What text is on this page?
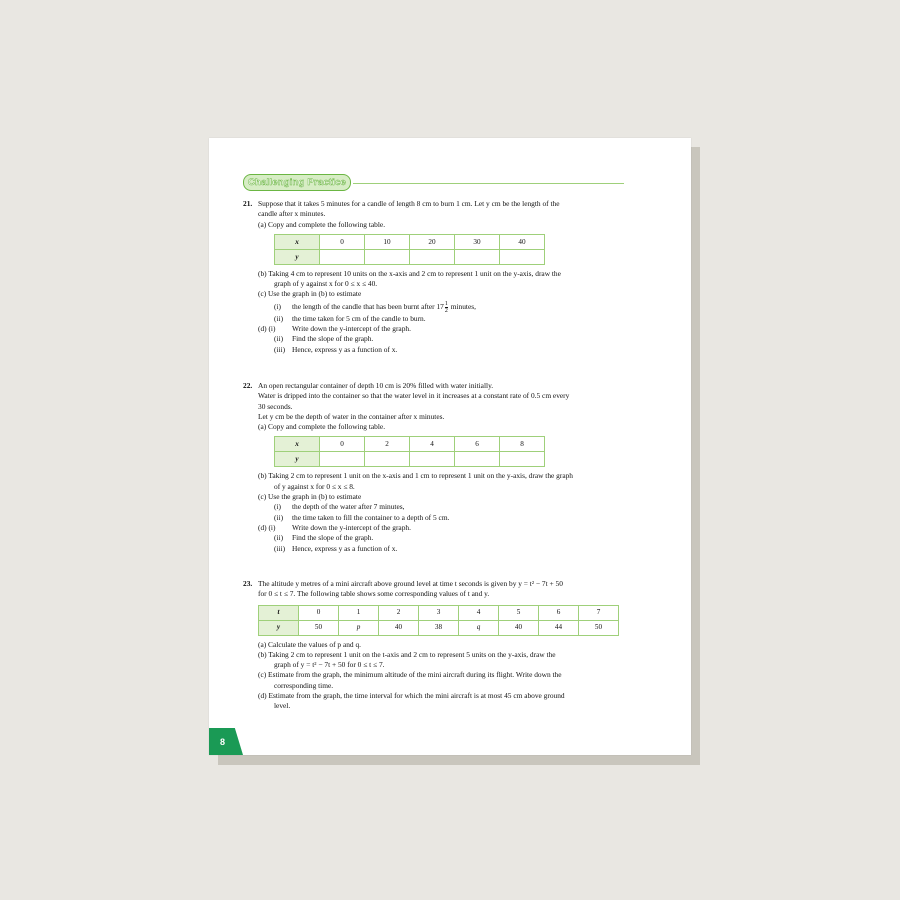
Challenging Practice
21. Suppose that it takes 5 minutes for a candle of length 8 cm to burn 1 cm. Let y cm be the length of the

candle after x minutes.

(a) Copy and complete the following table.

x	0	10	20	30	40
y					

(b) Taking 4 cm to represent 10 units on the x-axis and 2 cm to represent 1 unit on the y-axis, draw the

graph of y against x for 0 ≤ x ≤ 40.

(c) Use the graph in (b) to estimate

(i) the length of the candle that has been burnt after $17 \frac{1}{2}$ minutes,

(ii) the time taken for 5 cm of the candle to burn.

(d) (i) Write down the y-intercept of the graph.

(ii) Find the slope of the graph.

(iii) Hence, express y as a function of x.

22. An open rectangular container of depth 10 cm is 20% filled with water initially.

Water is dripped into the container so that the water level in it increases at a constant rate of 0.5 cm every

30 seconds.

Let y cm be the depth of water in the container after x minutes.

(a) Copy and complete the following table.

x	0	2	4	6	8
y					

(b) Taking 2 cm to represent 1 unit on the x-axis and 1 cm to represent 1 unit on the y-axis, draw the graph

of y against x for 0 ≤ x ≤ 8.

(c) Use the graph in (b) to estimate

(i) the depth of the water after 7 minutes,

(ii) the time taken to fill the container to a depth of 5 cm.

(d) (i) Write down the y-intercept of the graph.

(ii) Find the slope of the graph.

(iii) Hence, express y as a function of x.

23. The altitude y metres of a mini aircraft above ground level at time t seconds is given by y = t² − 7t + 50

for 0 ≤ t ≤ 7. The following table shows some corresponding values of t and y.

t	0	1	2	3	4	5	6	7
y	50	p	40	38	q	40	44	50

(a) Calculate the values of p and q.

(b) Taking 2 cm to represent 1 unit on the t-axis and 2 cm to represent 5 units on the y-axis, draw the

graph of y = t² − 7t + 50 for 0 ≤ t ≤ 7.

(c) Estimate from the graph, the minimum altitude of the mini aircraft during its flight. Write down the

corresponding time.

(d) Estimate from the graph, the time interval for which the mini aircraft is at most 45 cm above ground

level.

8
